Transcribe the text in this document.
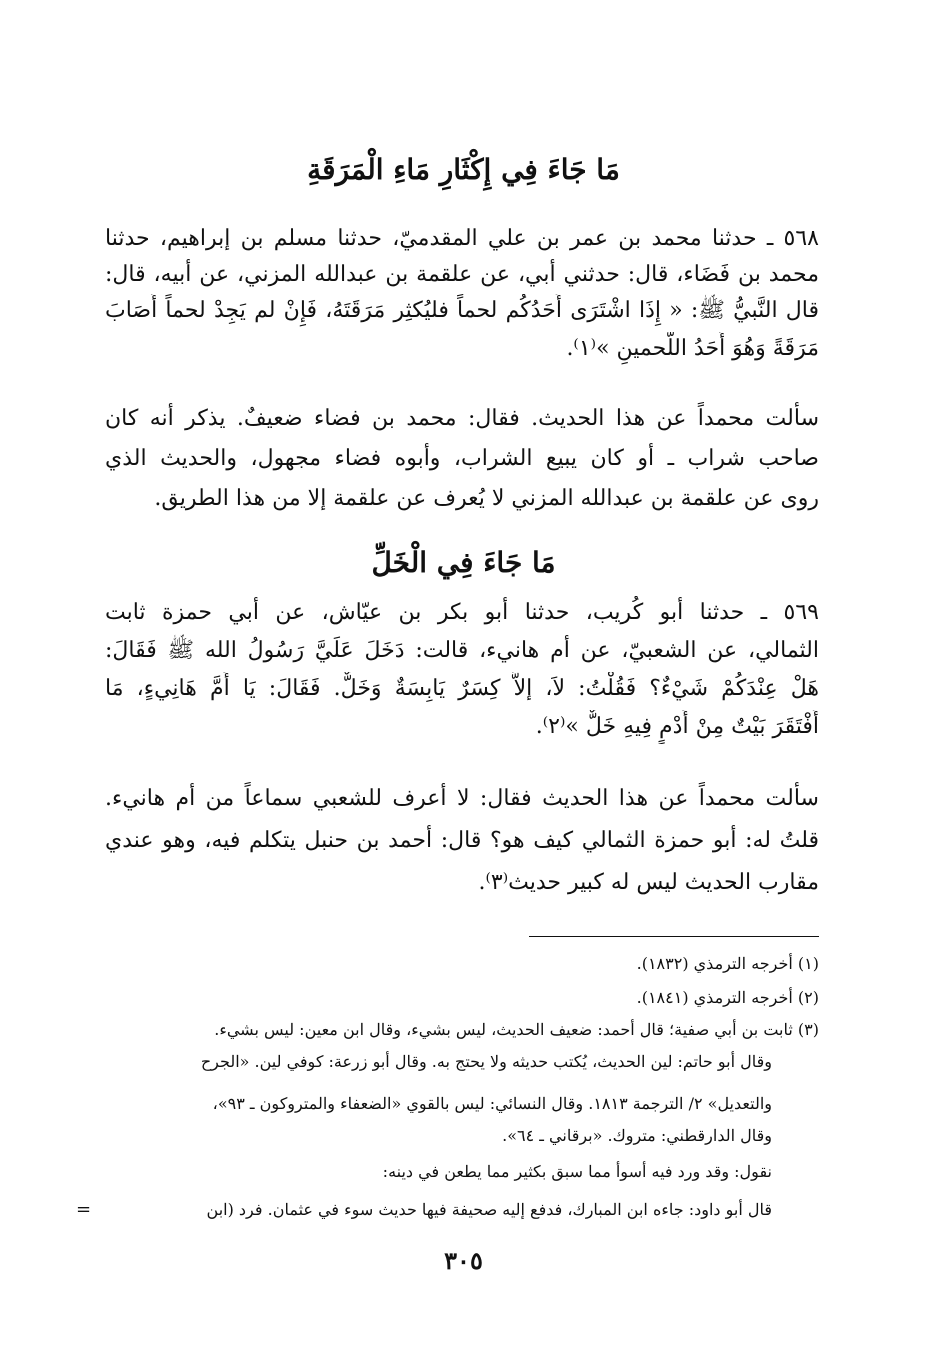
مَا جَاءَ فِي إِكْثَارِ مَاءِ الْمَرَقَةِ
٥٦٨ ـ حدثنا محمد بن عمر بن علي المقدميّ، حدثنا مسلم بن إبراهيم، حدثنا
محمد بن فَضَاء، قال: حدثني أبي، عن علقمة بن عبدالله المزني، عن أبيه، قال:
قال النَّبيُّ ﷺ: « إِذَا اشْتَرَى أَحَدُكُم لحماً فليُكثِر مَرَقَتَهُ، فَإِنْ لم يَجِدْ لحماً أَصَابَ
مَرَقَةً وَهُوَ أَحَدُ اللَّحمينِ »⁽١⁾.
سألت محمداً عن هذا الحديث. فقال: محمد بن فضاء ضعيفٌ. يذكر أنه كان
صاحب شراب ـ أو كان يبيع الشراب، وأبوه فضاء مجهول، والحديث الذي
روى عن علقمة بن عبدالله المزني لا يُعرف عن علقمة إلا من هذا الطريق.
مَا جَاءَ فِي الْخَلِّ
٥٦٩ ـ حدثنا أبو كُريب، حدثنا أبو بكر بن عيّاش، عن أبي حمزة ثابت
الثمالي، عن الشعبيّ، عن أم هانيء، قالت: دَخَلَ عَلَيَّ رَسُولُ الله ﷺ فَقَالَ:
هَلْ عِنْدَكُمْ شَيْءٌ؟ فَقُلْتُ: لاَ، إلاَّ كِسَرٌ يَابِسَةٌ وَخَلٌّ. فَقَالَ: يَا أُمَّ هَانِيءٍ، مَا
أَفْتَقَرَ بَيْتٌ مِنْ أُدْمٍ فِيهِ خَلٌّ »⁽٢⁾.
سألت محمداً عن هذا الحديث فقال: لا أعرف للشعبي سماعاً من أم هانيء.
قلتُ له: أبو حمزة الثمالي كيف هو؟ قال: أحمد بن حنبل يتكلم فيه، وهو عندي
مقارب الحديث ليس له كبير حديث⁽٣⁾.
(١) أخرجه الترمذي (١٨٣٢).
(٢) أخرجه الترمذي (١٨٤١).
(٣) ثابت بن أبي صفية؛ قال أحمد: ضعيف الحديث، ليس بشيء، وقال ابن معين: ليس بشيء.
وقال أبو حاتم: لين الحديث، يُكتب حديثه ولا يحتج به. وقال أبو زرعة: كوفي لين. «الجرح
والتعديل» ٢/ الترجمة ١٨١٣. وقال النسائي: ليس بالقوي «الضعفاء والمتروكون ـ ٩٣»،
وقال الدارقطني: متروك. «برقاني ـ ٦٤».
نقول: وقد ورد فيه أسوأ مما سبق بكثير مما يطعن في دينه:
قال أبو داود: جاءه ابن المبارك، فدفع إليه صحيفة فيها حديث سوء في عثمان. فرد (ابن
=
٣٠٥
